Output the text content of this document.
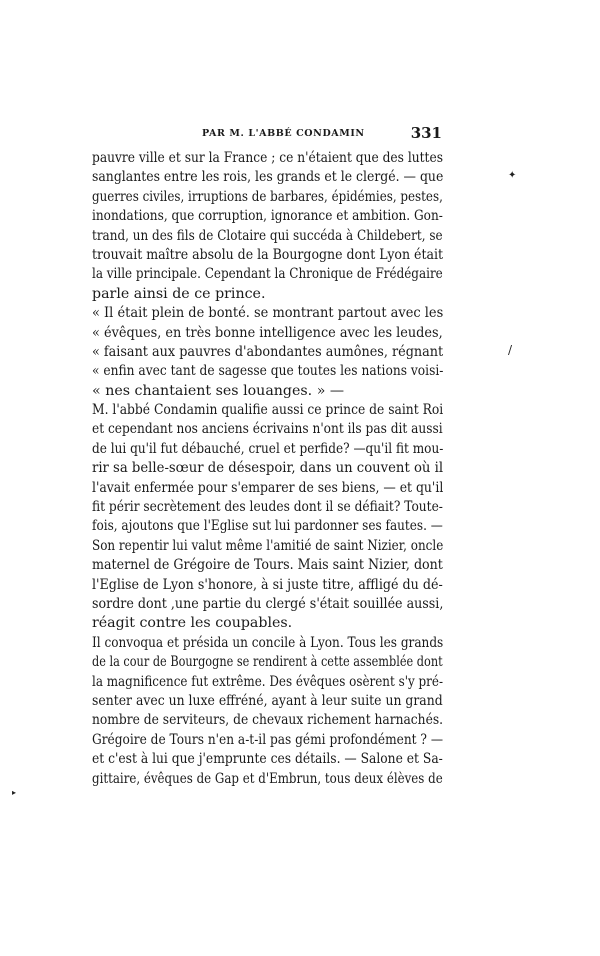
PAR M. L'ABBÉ CONDAMIN	331
pauvre ville et sur la France ; ce n'étaient que des luttes
sanglantes entre les rois, les grands et le clergé. — que
guerres civiles, irruptions de barbares, épidémies, pestes,
inondations, que corruption, ignorance et ambition. Gon-
trand, un des fils de Clotaire qui succéda à Childebert, se
trouvait maître absolu de la Bourgogne dont Lyon était
la ville principale. Cependant la Chronique de Frédégaire
parle ainsi de ce prince.
« Il était plein de bonté. se montrant partout avec les
« évêques, en très bonne intelligence avec les leudes,
« faisant aux pauvres d'abondantes aumônes, régnant
« enfin avec tant de sagesse que toutes les nations voisi-
« nes chantaient ses louanges. » —
M. l'abbé Condamin qualifie aussi ce prince de saint Roi
et cependant nos anciens écrivains n'ont ils pas dit aussi
de lui qu'il fut débauché, cruel et perfide? —qu'il fit mou-
rir sa belle-sœur de désespoir, dans un couvent où il
l'avait enfermée pour s'emparer de ses biens, — et qu'il
fit périr secrètement des leudes dont il se défiait? Toute-
fois, ajoutons que l'Eglise sut lui pardonner ses fautes. —
Son repentir lui valut même l'amitié de saint Nizier, oncle
maternel de Grégoire de Tours. Mais saint Nizier, dont
l'Eglise de Lyon s'honore, à si juste titre, affligé du dé-
sordre dont ,une partie du clergé s'était souillée aussi,
réagit contre les coupables.
Il convoqua et présida un concile à Lyon. Tous les grands
de la cour de Bourgogne se rendirent à cette assemblée dont
la magnificence fut extrême. Des évêques osèrent s'y pré-
senter avec un luxe effréné, ayant à leur suite un grand
nombre de serviteurs, de chevaux richement harnachés.
Grégoire de Tours n'en a-t-il pas gémi profondément ? —
et c'est à lui que j'emprunte ces détails. — Salone et Sa-
gittaire, évêques de Gap et d'Embrun, tous deux élèves de
✦
/
▸
